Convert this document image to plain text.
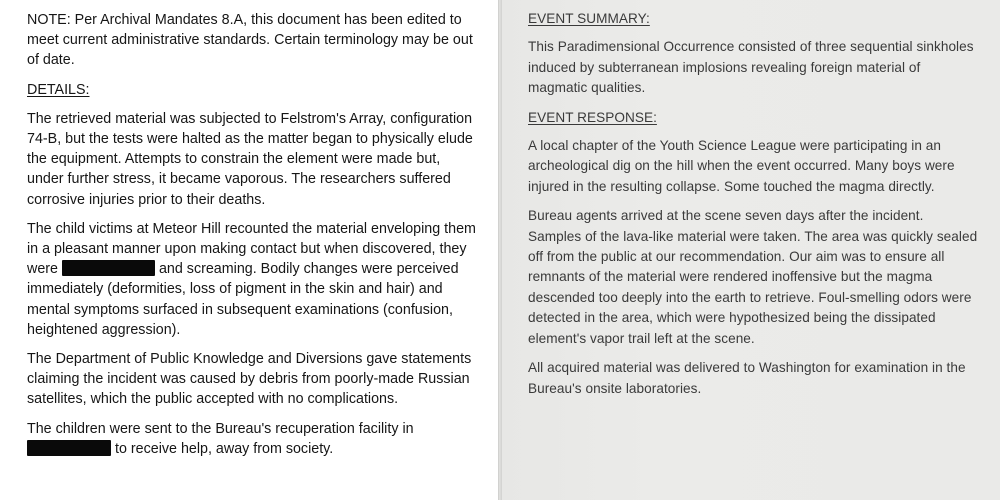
NOTE: Per Archival Mandates 8.A, this document has been edited to meet current administrative standards. Certain terminology may be out of date.

DETAILS:

The retrieved material was subjected to Felstrom's Array, configuration 74-B, but the tests were halted as the matter began to physically elude the equipment. Attempts to constrain the element were made but, under further stress, it became vaporous. The researchers suffered corrosive injuries prior to their deaths.

The child victims at Meteor Hill recounted the material enveloping them in a pleasant manner upon making contact but when discovered, they were	and screaming. Bodily changes were perceived immediately (deformities, loss of pigment in the skin and hair) and mental symptoms surfaced in subsequent examinations (confusion, heightened aggression).

The Department of Public Knowledge and Diversions gave statements claiming the incident was caused by debris from poorly-made Russian satellites, which the public accepted with no complications.

The children were sent to the Bureau's recuperation facility in  to receive help, away from society.

EVENT SUMMARY:

This Paradimensional Occurrence consisted of three sequential sinkholes induced by subterranean implosions revealing foreign material of magmatic qualities.

EVENT RESPONSE:

A local chapter of the Youth Science League were participating in an archeological dig on the hill when the event occurred. Many boys were injured in the resulting collapse. Some touched the magma directly.

Bureau agents arrived at the scene seven days after the incident. Samples of the lava-like material were taken. The area was quickly sealed off from the public at our recommendation. Our aim was to ensure all remnants of the material were rendered inoffensive but the magma descended too deeply into the earth to retrieve. Foul-smelling odors were detected in the area, which were hypothesized being the dissipated element's vapor trail left at the scene.

All acquired material was delivered to Washington for examination in the Bureau's onsite laboratories.
